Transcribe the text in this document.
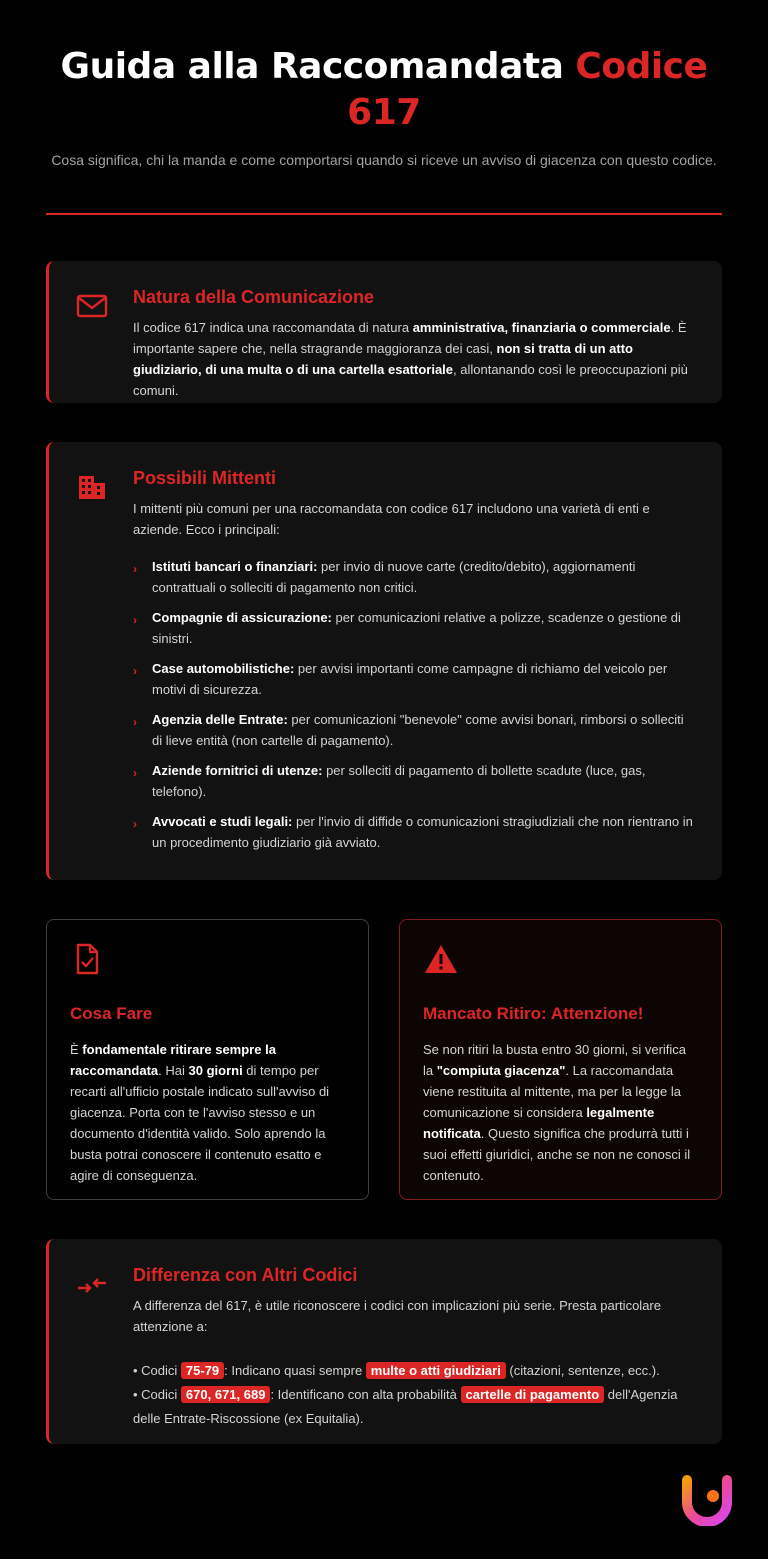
Guida alla Raccomandata Codice 617

Cosa significa, chi la manda e come comportarsi quando si riceve un avviso di giacenza con questo codice.

Natura della Comunicazione

Il codice 617 indica una raccomandata di natura amministrativa, finanziaria o commerciale. È importante sapere che, nella stragrande maggioranza dei casi, non si tratta di un atto giudiziario, di una multa o di una cartella esattoriale, allontanando così le preoccupazioni più comuni.

Possibili Mittenti

I mittenti più comuni per una raccomandata con codice 617 includono una varietà di enti e aziende. Ecco i principali:

› Istituti bancari o finanziari: per invio di nuove carte (credito/debito), aggiornamenti contrattuali o solleciti di pagamento non critici.
› Compagnie di assicurazione: per comunicazioni relative a polizze, scadenze o gestione di sinistri.
› Case automobilistiche: per avvisi importanti come campagne di richiamo del veicolo per motivi di sicurezza.
› Agenzia delle Entrate: per comunicazioni "benevole" come avvisi bonari, rimborsi o solleciti di lieve entità (non cartelle di pagamento).
› Aziende fornitrici di utenze: per solleciti di pagamento di bollette scadute (luce, gas, telefono).
› Avvocati e studi legali: per l'invio di diffide o comunicazioni stragiudiziali che non rientrano in un procedimento giudiziario già avviato.
Cosa Fare

È fondamentale ritirare sempre la raccomandata. Hai 30 giorni di tempo per recarti all'ufficio postale indicato sull'avviso di giacenza. Porta con te l'avviso stesso e un documento d'identità valido. Solo aprendo la busta potrai conoscere il contenuto esatto e agire di conseguenza.

Mancato Ritiro: Attenzione!

Se non ritiri la busta entro 30 giorni, si verifica la "compiuta giacenza". La raccomandata viene restituita al mittente, ma per la legge la comunicazione si considera legalmente notificata. Questo significa che produrrà tutti i suoi effetti giuridici, anche se non ne conosci il contenuto.

Differenza con Altri Codici

A differenza del 617, è utile riconoscere i codici con implicazioni più serie. Presta particolare attenzione a:

• Codici 75-79 : Indicano quasi sempre multe o atti giudiziari (citazioni, sentenze, ecc.).
• Codici 670, 671, 689 : Identificano con alta probabilità cartelle di pagamento dell'Agenzia delle Entrate-Riscossione (ex Equitalia).
